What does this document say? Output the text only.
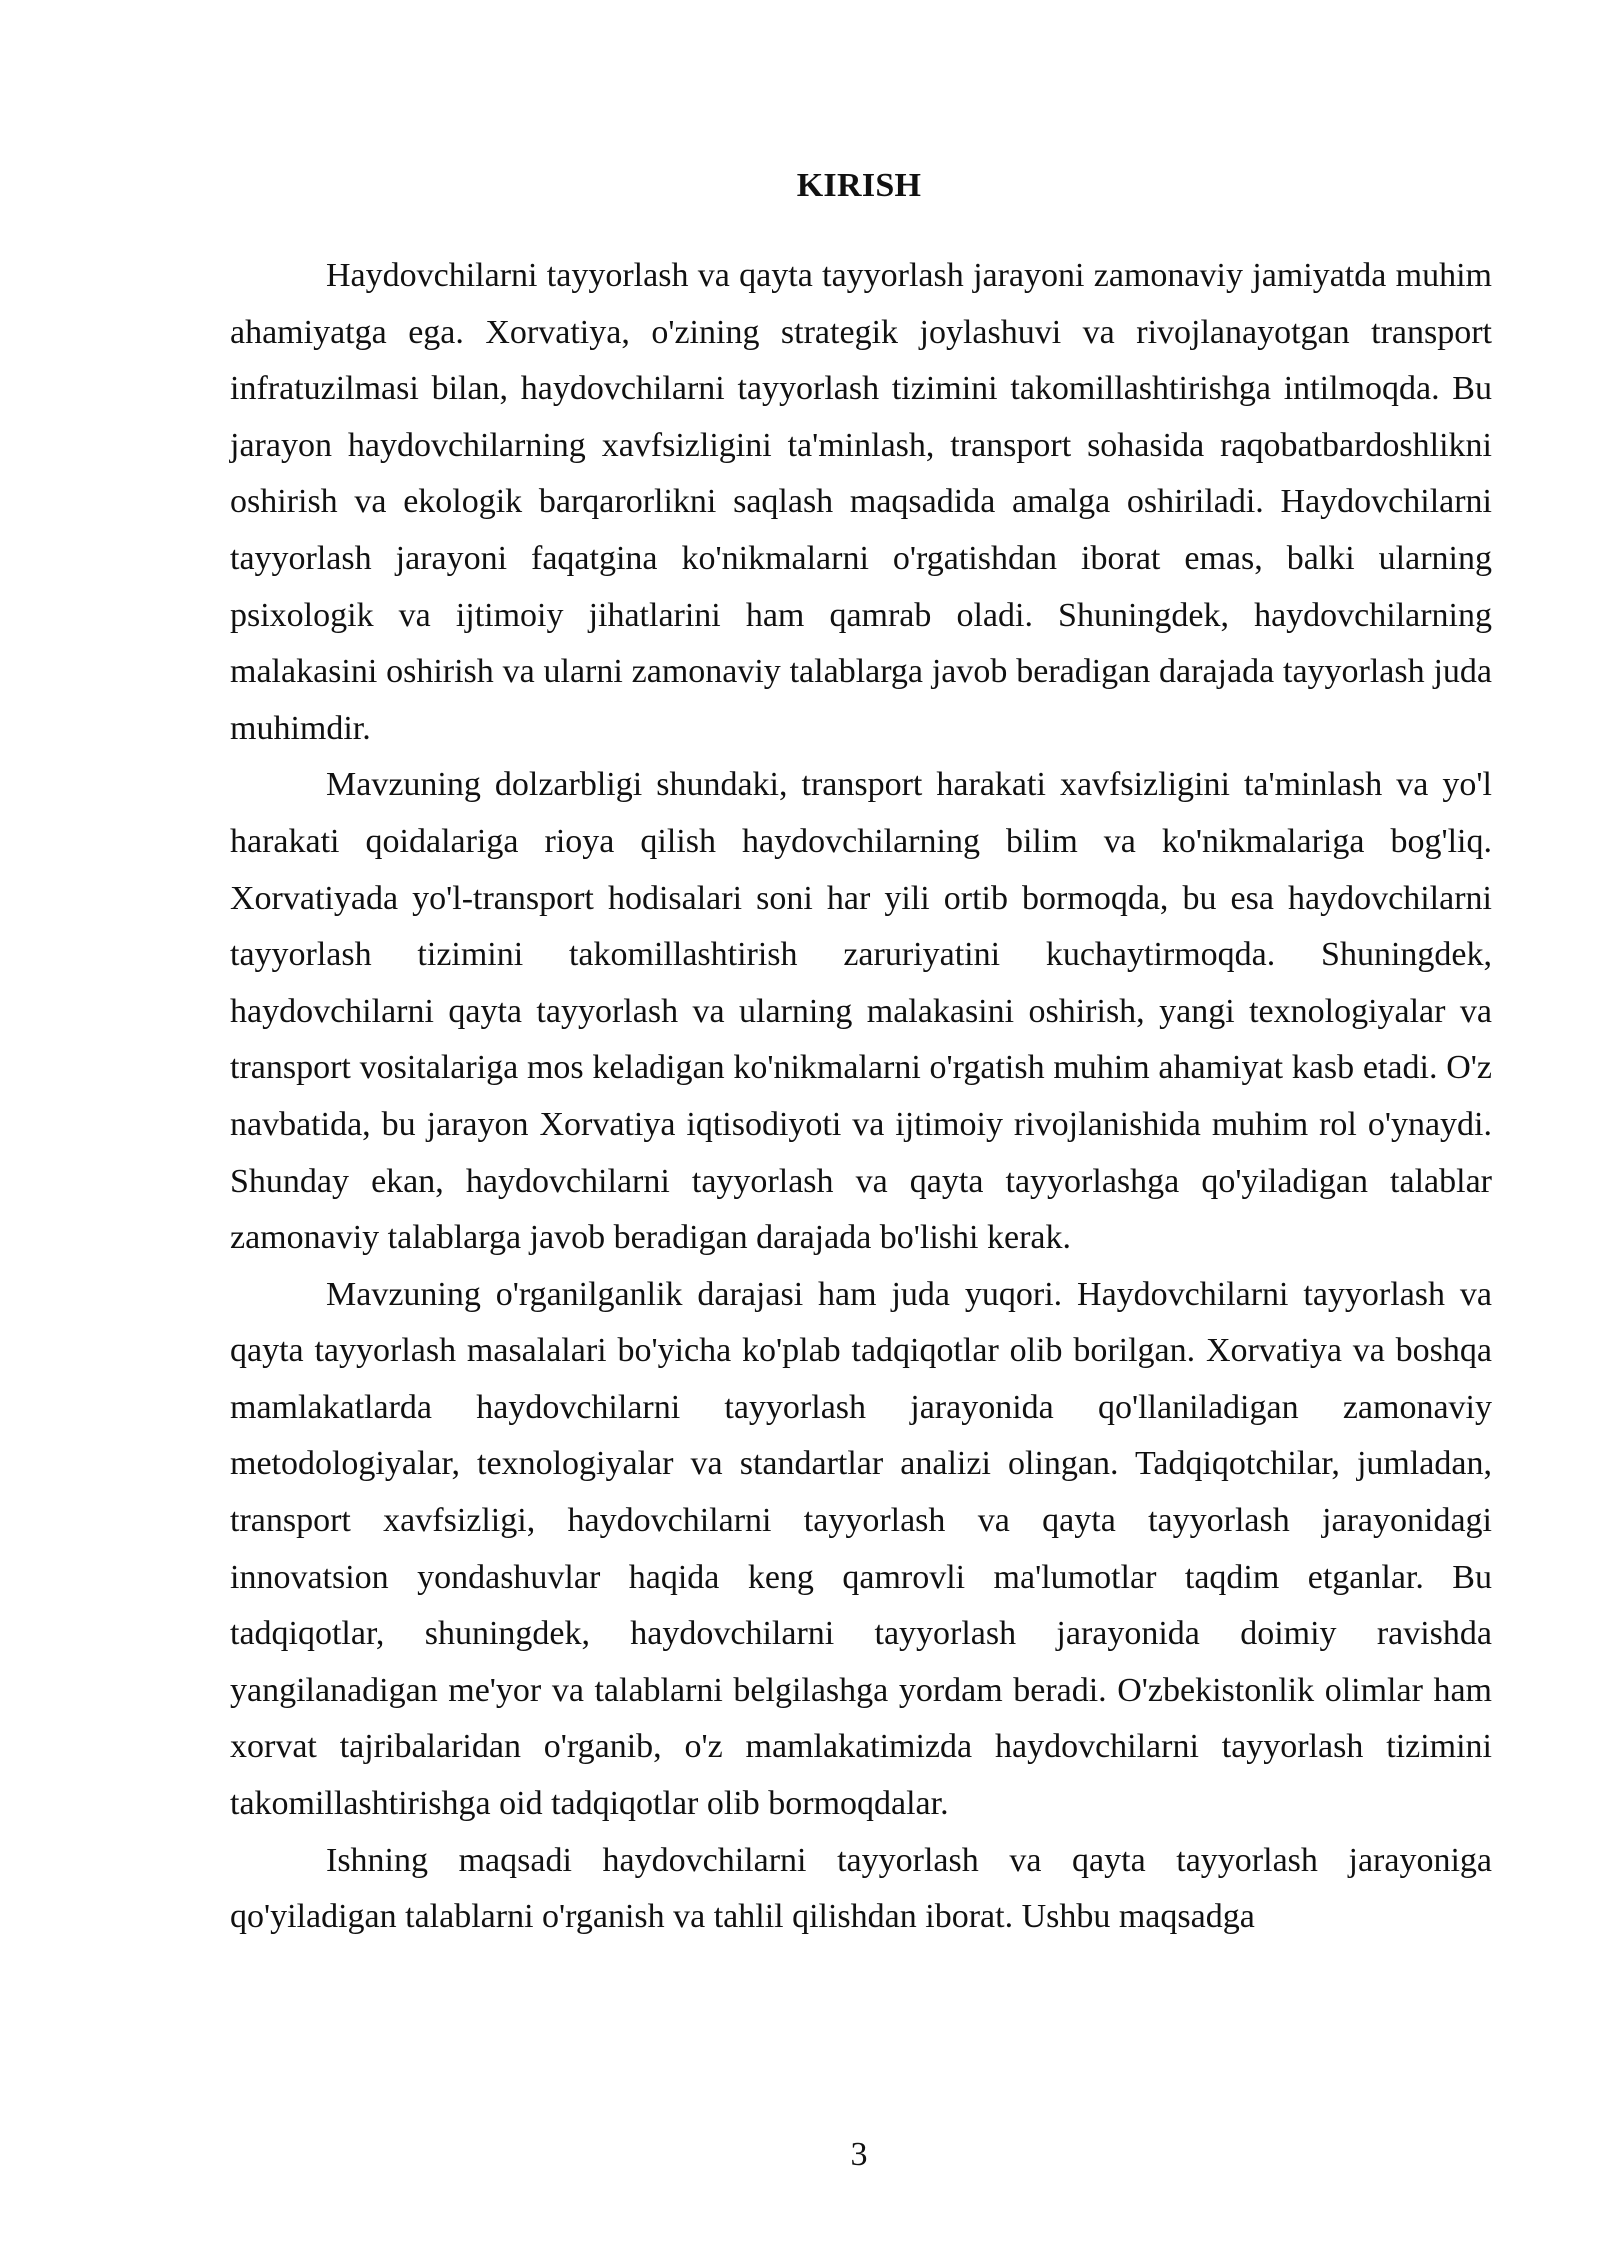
KIRISH

Haydovchilarni tayyorlash va qayta tayyorlash jarayoni zamonaviy jamiyatda muhim ahamiyatga ega. Xorvatiya, o'zining strategik joylashuvi va rivojlanayotgan transport infratuzilmasi bilan, haydovchilarni tayyorlash tizimini takomillashtirishga intilmoqda. Bu jarayon haydovchilarning xavfsizligini ta'minlash, transport sohasida raqobatbardoshlikni oshirish va ekologik barqarorlikni saqlash maqsadida amalga oshiriladi. Haydovchilarni tayyorlash jarayoni faqatgina ko'nikmalarni o'rgatishdan iborat emas, balki ularning psixologik va ijtimoiy jihatlarini ham qamrab oladi. Shuningdek, haydovchilarning malakasini oshirish va ularni zamonaviy talablarga javob beradigan darajada tayyorlash juda muhimdir.

Mavzuning dolzarbligi shundaki, transport harakati xavfsizligini ta'minlash va yo'l harakati qoidalariga rioya qilish haydovchilarning bilim va ko'nikmalariga bog'liq. Xorvatiyada yo'l-transport hodisalari soni har yili ortib bormoqda, bu esa haydovchilarni tayyorlash tizimini takomillashtirish zaruriyatini kuchaytirmoqda. Shuningdek, haydovchilarni qayta tayyorlash va ularning malakasini oshirish, yangi texnologiyalar va transport vositalariga mos keladigan ko'nikmalarni o'rgatish muhim ahamiyat kasb etadi. O'z navbatida, bu jarayon Xorvatiya iqtisodiyoti va ijtimoiy rivojlanishida muhim rol o'ynaydi. Shunday ekan, haydovchilarni tayyorlash va qayta tayyorlashga qo'yiladigan talablar zamonaviy talablarga javob beradigan darajada bo'lishi kerak.

Mavzuning o'rganilganlik darajasi ham juda yuqori. Haydovchilarni tayyorlash va qayta tayyorlash masalalari bo'yicha ko'plab tadqiqotlar olib borilgan. Xorvatiya va boshqa mamlakatlarda haydovchilarni tayyorlash jarayonida qo'llaniladigan zamonaviy metodologiyalar, texnologiyalar va standartlar analizi olingan. Tadqiqotchilar, jumladan, transport xavfsizligi, haydovchilarni tayyorlash va qayta tayyorlash jarayonidagi innovatsion yondashuvlar haqida keng qamrovli ma'lumotlar taqdim etganlar. Bu tadqiqotlar, shuningdek, haydovchilarni tayyorlash jarayonida doimiy ravishda yangilanadigan me'yor va talablarni belgilashga yordam beradi. O'zbekistonlik olimlar ham xorvat tajribalaridan o'rganib, o'z mamlakatimizda haydovchilarni tayyorlash tizimini takomillashtirishga oid tadqiqotlar olib bormoqdalar.

Ishning maqsadi haydovchilarni tayyorlash va qayta tayyorlash jarayoniga qo'yiladigan talablarni o'rganish va tahlil qilishdan iborat. Ushbu maqsadga

3
